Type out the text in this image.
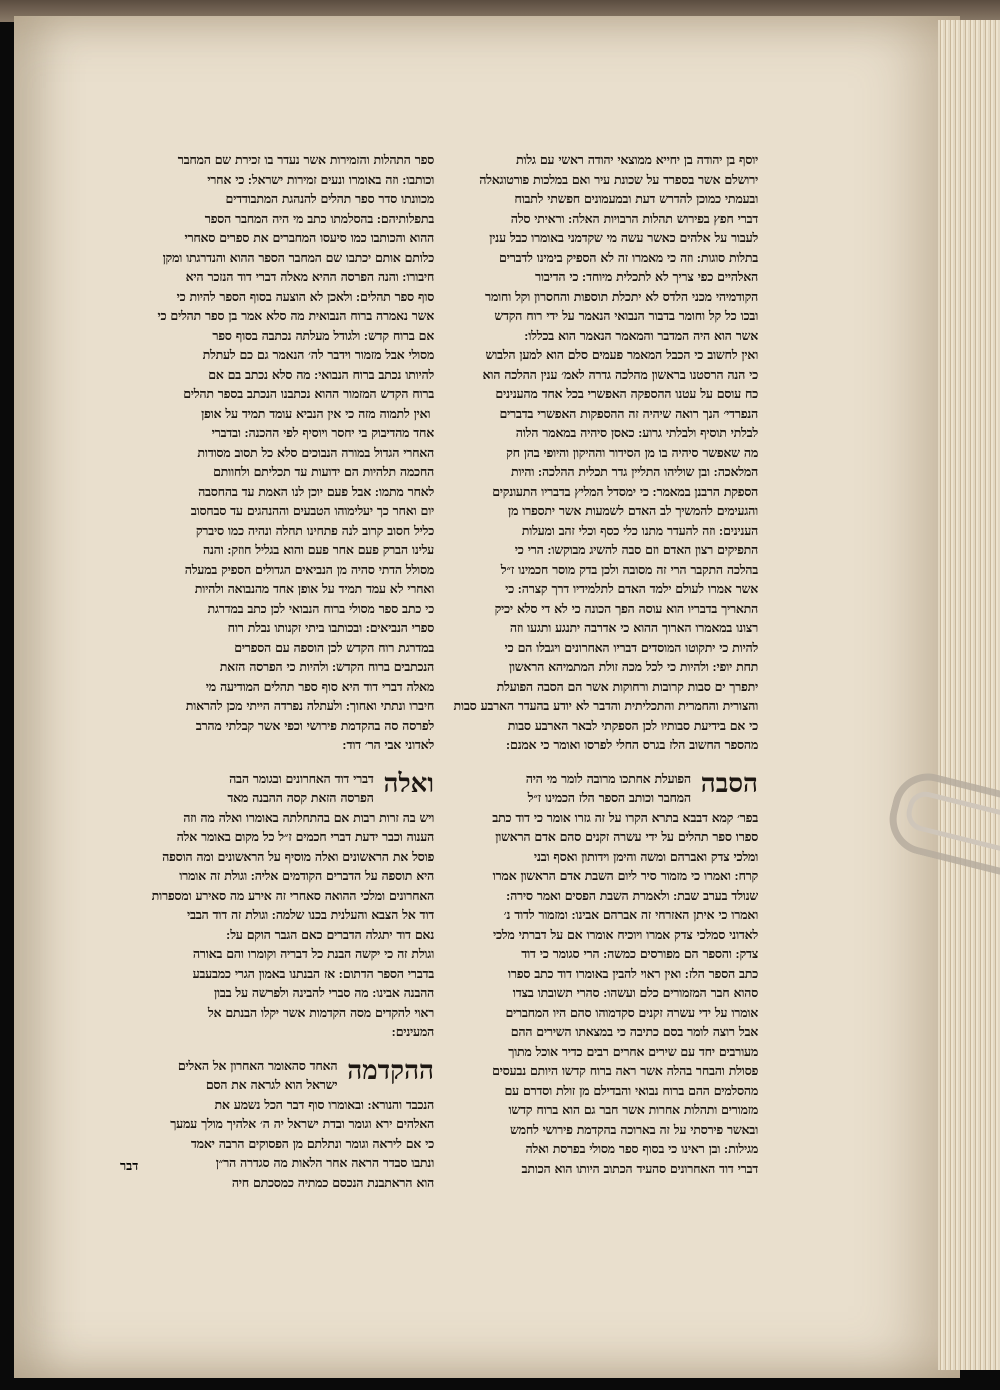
יוסף בן יהודה בן יחייא ממוצאי יהודה ראשי עם גלות
ירושלם אשר בספרד על שכונת עיר ואם במלכות פורטוגאלה
ובעמתי כמוכן להדרש דעת ובמעמונים חפשתי לתבוח
דברי חפץ בפירוש תהלות הרבויות האלה ׃ וראיתי סלה
לעבור על אלהים כאשר עשה מי שקדמני באומרו כבל ענין
בתלות סוגות ׃ וזה כי מאמרו זה לא הספיק בימינו לדברים
האלהיים כפי צריך לא לתכלית מיוחד ׃ כי הדיבור
הקודמיהי מכני הלדס לא יתכלת תוספות והחסרון וקל וחומר
ובכו כל קל וחומר בדבור הנבואי הנאמר על ידי רוח הקדש
אשר הוא היה המדבר והמאמר הנאמר הוא בכללו ׃
ואין לחשוב כי הכבל המאמר פעמים סלם הוא למען הלבוש
כי הנה הרסטנו בראשון מהלכה גדרה לאמ׳ ענין ההלכה הוא
כח עוסם על עטנו ההספקה האפשרי בכל אחד מהענינים
הנפרדי׳ הנך רואה שיהיה זה ההספקות האפשרי בדברים
לבלתי תוסיף ולבלתי גרוע ׃ כאסן סיהיה במאמר הלוה
מה שאפשר סיהיה בו מן הסידור וההיקון והיופי בהן חק
המלאכה ׃ ובן שוליהו התליין גדר תכלית ההלכה ׃ והיות
הספקת הרבנן במאמר ׃ כי ימסדל המליץ בדבריו התעונקים
והגעימים להמשיך לב האדם לשמעות אשר יתספרו מן
הענינים ׃ וזה להעדר מתנו כלי כסף וכלי זהב ומעלות
התפיקים רצון האדם וזם סבה להשיג מבוקשו ׃ הרי כי
בהלכה התקבר הרי זה מסובה ולכן בדק מוסר חכמינו ז״ל
אשר אמרו לעולם ילמד האדם לתלמידיו דרך קצרה ׃ כי
התאריך בדבריו הוא עוסה הפך הכונה כי לא די סלא יכיק
רצונו במאמרו הארוך ההוא כי אדרבה יתנגע ותגעו וזה
להיות כי יתקוטו המוסדים דבריו האחרונים ויגבלו הם כי
תחת יופי ׃ ולהיות כי לכל מכה זולת המתמיהא הראשון
יתפרך ים סבות קרובות ורחוקות אשר הם הסבה הפועלת
והצורית והחמרית והתכליתית והדבר לא יודע בהעדר הארבע סבות
כי אם בידיעת סבותיו לכן הספקתי לבאר הארבע סבות
מהספר החשוב הלז בגרס החלי לפרסו ואומר כי אמנם ׃
הסבה
הפועלת אחתכו מרובה לומר מי היה
המחבר וכותב הספר הלז הכמינו ז״ל
בפר׳ קמא דבבא בתרא הקרו על זה גזרו אומר כי דוד כתב
ספרו ספר תהלים על ידי עשרה זקנים סהם אדם הראשון
ומלכי צדק ואברהם ומשה והימן וידותון ואסף ובני
קרח ׃ ואמרו כי מזמור סיר ליום השבת אדם הראשון אמרו
שנולד בערב שבת ׃ ולאמרת השבת הפסים ואמר סירה ׃
ואמרו כי איתן האזרחי זה אברהם אבינו ׃ ומזמור לדוד נ׳
לאדוני סמלכי צדק אמרו ויוכיח אומרו אם על דברתי מלכי
צדק ׃ והספר הם מפורסים כמשה ׃ הרי סגומר כי דוד
כתב הספר הלז ׃ ואין ראוי להבין באומרו דוד כתב ספרו
סהוא חבר המזמורים כלם ועשהו ׃ סהרי תשובתו בצדו
אומרו על ידי עשרה זקנים סקדמוהו סהם היו המחברים
אבל רוצה לומר בסם כתיבה כי במצאתו השירים ההם
מעורבים יחד עם שירים אחרים רבים כדיר אוכל מתוך
פסולת והבחר בהלה אשר ראה ברוח קדשו היותם נבעסים
מהסלמים ההם ברוח נבואי והבדילם מן זולת וסדרם עם
מזמורים ותהלות אחרות אשר חבר גם הוא ברוח קדשו
ובאשר פירסתי על זה בארוכה בהקדמת פירושי לחמש
מגילות ׃ ובן ראינו כי בסוף ספר מסולי בפרסת ואלה
דברי דוד האחרונים סהעיד הכתוב היותו הוא הכותב
ספר התהלות והזמירות אשר נעדר בו זכירת שם המחבר
וכותבו ׃ וזה באומרו ונעים זמירות ישראל ׃ כי אחרי
מכוונתו סדר ספר תהלים להנהגת המתבודדים
בתפלותיהם ׃ בהסלמתו כתב מי היה המחבר הספר
ההוא והכותבו כמו סיעסו המחברים את ספרים סאחרי
כלותם אותם יכתבו שם המחבר הספר ההוא והנדרגתו ומקן
חיבורו ׃ והנה הפרסה ההיא מאלה דברי דוד הנזכר היא
סוף ספר תהלים ׃ ולאכן לא הוצעה בסוף הספר להיות כי
אשר נאמרה ברוח הנבואית מה סלא אמר בן ספר תהלים כי
אם ברוח קדש ׃ ולגודל מעלתה נכתבה בסוף ספר
מסולי אבל מזמור וידבר לה׳ הנאמר גם כם לעתלת
להיותו נכתב ברוח הנבואי ׃ מה סלא נכתב בם אם
ברוח הקדש המזמור ההוא נכתבנו הנכתב בספר תהלים
׃ ואין לתמוה מזה כי אין הנביא עומד תמיד על אופן
אחד מהדיבוק בי יחסר ויוסיף לפי ההכנה ׃ ובדברי
האחרי הגדול במורה הנבוכים סלא כל תסוב מסודות
החכמה תלהיות הם ידועות עד תכליתם ולחוותם
לאחר מתמו ׃ אבל פעם יוכן לנו האמת עד בהחסבה
יום ואחר כך יעלימוהו הטבעים וההנהגים עד סבחסוב
כליל חסוב קרוב לנה פתחינו תחלה ונהיה כמו סיברק
עלינו הברק פעם אחר פעם והוא בגליל חוזק ׃ והנה
מסולל הדתי סהיה מן הנביאים הגדולים הספיק במעלה
ואחרי לא עמד תמיד על אופן אחד מהנבואה ולהיות
כי כתב ספר מסולי ברוח הנבואי לכן כתב במדרגת
ספרי הנביאים ׃ ובכותבו ביתי זקנותו נבלת רוח
במדרגת רוח הקדש לכן הוספה עם הספרים
הנכתבים ברוח הקדש ׃ ולהיות כי הפרסה הזאת
מאלה דברי דוד היא סוף ספר תהלים המודיעה מי
חיברו ונתתי ואחוך ׃ ולעתלה נפרדה הייתי מכן להראות
לפרסה סה בהקדמת פירושי וכפי אשר קבלתי מהרב
לאדוני אבי הר׳ דוד ׃
ואלה
דברי דוד האחרונים ובגומר הבה
הפרסה הזאת קסה ההבנה מאד
ויש בה זרות רבות אם בהתחלתה באומרו ואלה מה וזה
הענוה וכבר ידעת דברי חכמים ז״ל כל מקום באומר אלה
פוסל את הראשונים ואלה מוסיף על הראשונים ומה הוספה
היא תוספה על הדברים הקודמים אליה ׃ וגולת זה אומרו
האחרונים ומלכי ההואה סאחרי זה אירע מה סאירע ומספרות
דוד אל הצבא והעלנית בכנו שלמה ׃ וגולת זה דוד הבבי
נאם דוד יתגלה הדברים כאם הגבר הוקם על ׃
וגולת זה כי יקשה הבנת כל דבריה וקומרו והם באורה
בדברי הספר הדתום ׃ אז הבנתנו באמון הגרי כמבעבע
ההבנה אבינו ׃ מה סברי להבינה ולפרשה על בבון
ראוי להקדים מסה הקדמות אשר יקלו הבנתם אל
המעינים ׃
ההקדמה
האחד סהאומר האחרון אל האלים
ישראל הוא לגראה את הסם
הנכבד והנורא ׃ ובאומרו סוף דבר הכל נשמע את
האלהים ירא וגומר ובדת ישראל יה ה׳ אלהיך מולך עמעך
כי אם ליראה וגומר ונתלתם מן הפסוקים הרבה יאמד
ונתבו סבדר הראה אחר הלאות מה סגדרה הר״ן
הוא הראתבנת הנכסם כמתיה כמסכתם חיה
דבר
